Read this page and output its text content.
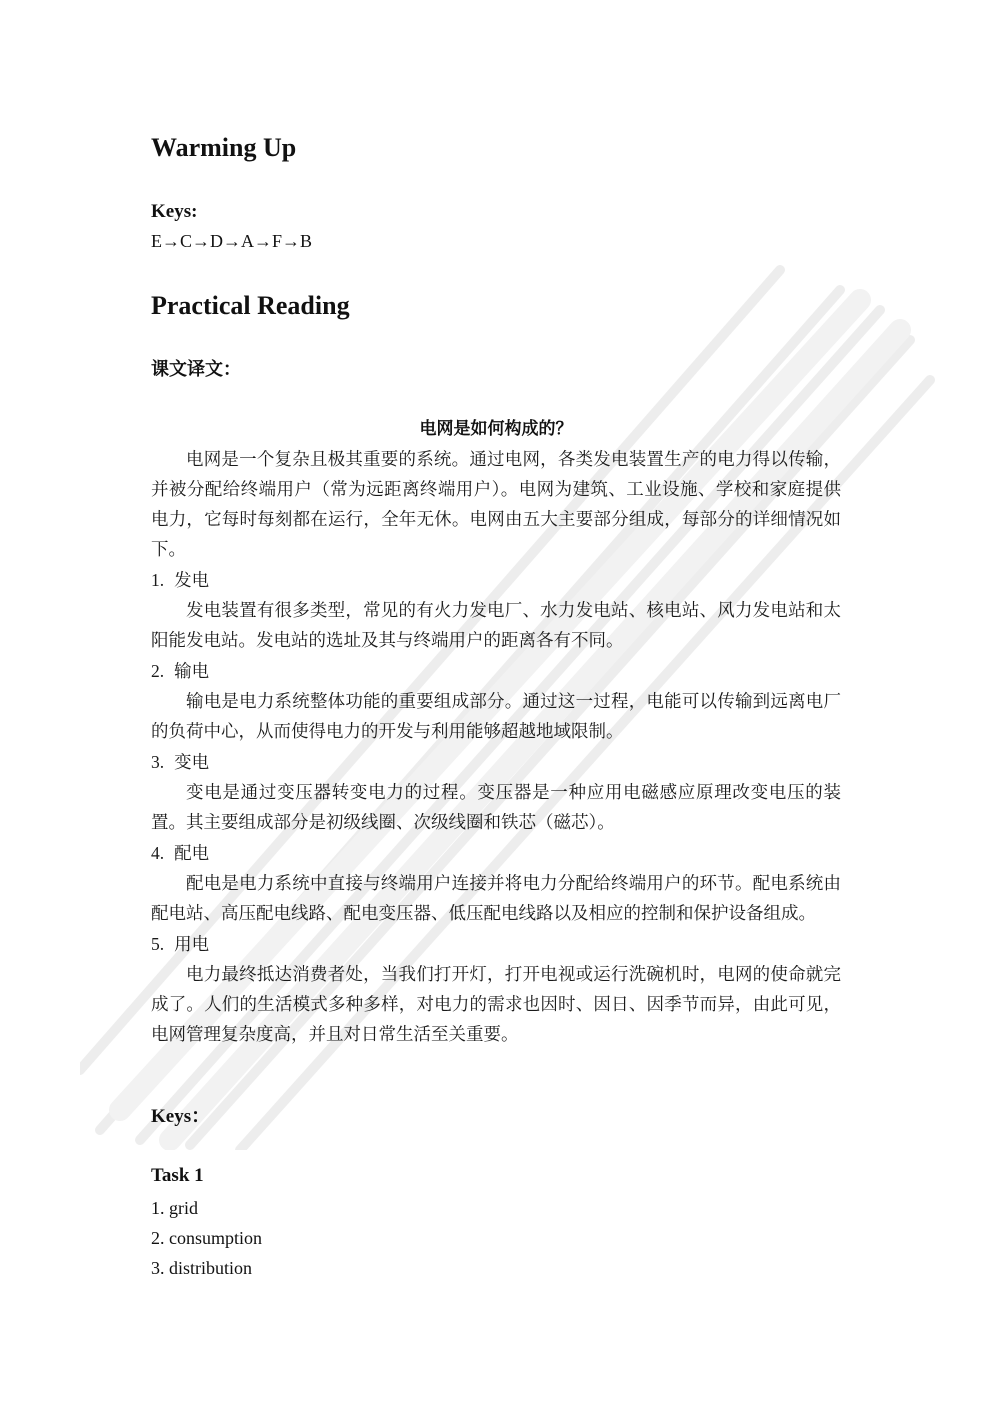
Warming Up
Keys:
E→C→D→A→F→B
Practical Reading
课文译文：
电网是如何构成的？

电网是一个复杂且极其重要的系统。通过电网，各类发电装置生产的电力得以传输，并被分配给终端用户（常为远距离终端用户）。电网为建筑、工业设施、学校和家庭提供电力，它每时每刻都在运行，全年无休。电网由五大主要部分组成，每部分的详细情况如下。

1. 发电

发电装置有很多类型，常见的有火力发电厂、水力发电站、核电站、风力发电站和太阳能发电站。发电站的选址及其与终端用户的距离各有不同。

2. 输电

输电是电力系统整体功能的重要组成部分。通过这一过程，电能可以传输到远离电厂的负荷中心，从而使得电力的开发与利用能够超越地域限制。

3. 变电

变电是通过变压器转变电力的过程。变压器是一种应用电磁感应原理改变电压的装置。其主要组成部分是初级线圈、次级线圈和铁芯（磁芯）。

4. 配电

配电是电力系统中直接与终端用户连接并将电力分配给终端用户的环节。配电系统由配电站、高压配电线路、配电变压器、低压配电线路以及相应的控制和保护设备组成。

5. 用电

电力最终抵达消费者处，当我们打开灯，打开电视或运行洗碗机时，电网的使命就完成了。人们的生活模式多种多样，对电力的需求也因时、因日、因季节而异，由此可见，电网管理复杂度高，并且对日常生活至关重要。

Keys：
Task 1
1. grid
2. consumption
3. distribution
